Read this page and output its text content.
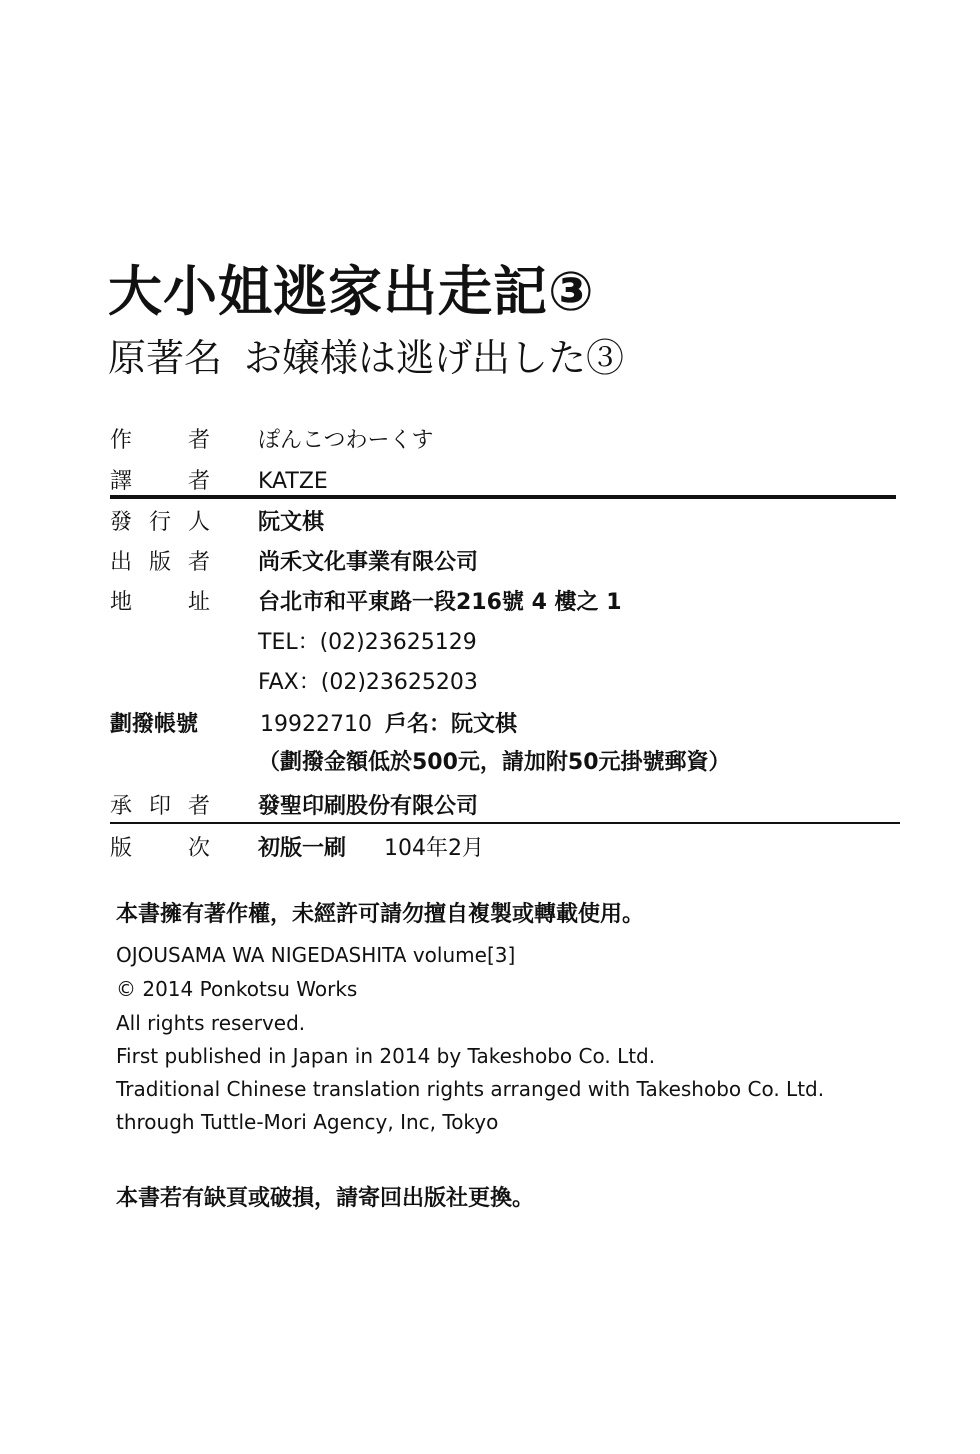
大小姐逃家出走記③
原著名 お嬢様は逃げ出した③
作	者 ぽんこつわーくす
譯	者 KATZE
發 行 人 阮文棋
出 版 者 尚禾文化事業有限公司
地	址 台北市和平東路一段216號 4 樓之 1
TEL：(02)23625129
FAX：(02)23625203
劃撥帳號	19922710 戶名：阮文棋
（劃撥金額低於500元，請加附50元掛號郵資）
承 印 者 發聖印刷股份有限公司
版	次 初版一刷 104年2月
本書擁有著作權，未經許可請勿擅自複製或轉載使用。
OJOUSAMA WA NIGEDASHITA volume[3]
© 2014 Ponkotsu Works
All rights reserved.
First published in Japan in 2014 by Takeshobo Co. Ltd.
Traditional Chinese translation rights arranged with Takeshobo Co. Ltd.
through Tuttle-Mori Agency, Inc, Tokyo
本書若有缺頁或破損，請寄回出版社更換。
